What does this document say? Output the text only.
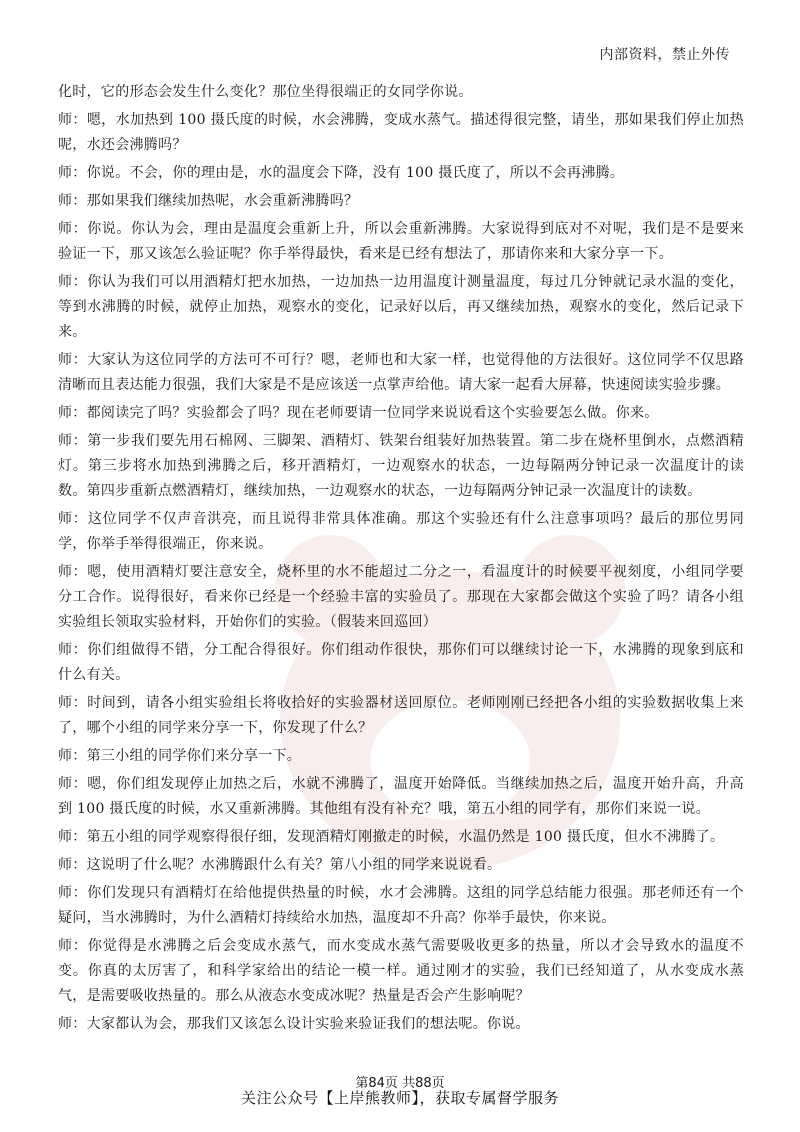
内部资料，禁止外传

化时，它的形态会发生什么变化？那位坐得很端正的女同学你说。

师：嗯，水加热到 100 摄氏度的时候，水会沸腾，变成水蒸气。描述得很完整，请坐，那如果我们停止加热呢，水还会沸腾吗？

师：你说。不会，你的理由是，水的温度会下降，没有 100 摄氏度了，所以不会再沸腾。

师：那如果我们继续加热呢，水会重新沸腾吗？

师：你说。你认为会，理由是温度会重新上升，所以会重新沸腾。大家说得到底对不对呢，我们是不是要来验证一下，那又该怎么验证呢？你手举得最快，看来是已经有想法了，那请你来和大家分享一下。

师：你认为我们可以用酒精灯把水加热，一边加热一边用温度计测量温度，每过几分钟就记录水温的变化，等到水沸腾的时候，就停止加热，观察水的变化，记录好以后，再又继续加热，观察水的变化，然后记录下来。

师：大家认为这位同学的方法可不可行？嗯，老师也和大家一样，也觉得他的方法很好。这位同学不仅思路清晰而且表达能力很强，我们大家是不是应该送一点掌声给他。请大家一起看大屏幕，快速阅读实验步骤。

师：都阅读完了吗？实验都会了吗？现在老师要请一位同学来说说看这个实验要怎么做。你来。

师：第一步我们要先用石棉网、三脚架、酒精灯、铁架台组装好加热装置。第二步在烧杯里倒水，点燃酒精灯。第三步将水加热到沸腾之后，移开酒精灯，一边观察水的状态，一边每隔两分钟记录一次温度计的读数。第四步重新点燃酒精灯，继续加热，一边观察水的状态，一边每隔两分钟记录一次温度计的读数。

师：这位同学不仅声音洪亮，而且说得非常具体准确。那这个实验还有什么注意事项吗？最后的那位男同学，你举手举得很端正，你来说。

师：嗯，使用酒精灯要注意安全，烧杯里的水不能超过二分之一，看温度计的时候要平视刻度，小组同学要分工合作。说得很好，看来你已经是一个经验丰富的实验员了。那现在大家都会做这个实验了吗？请各小组实验组长领取实验材料，开始你们的实验。（假装来回巡回）

师：你们组做得不错，分工配合得很好。你们组动作很快，那你们可以继续讨论一下，水沸腾的现象到底和什么有关。

师：时间到，请各小组实验组长将收拾好的实验器材送回原位。老师刚刚已经把各小组的实验数据收集上来了，哪个小组的同学来分享一下，你发现了什么？

师：第三小组的同学你们来分享一下。

师：嗯，你们组发现停止加热之后，水就不沸腾了，温度开始降低。当继续加热之后，温度开始升高，升高到 100 摄氏度的时候，水又重新沸腾。其他组有没有补充？哦，第五小组的同学有，那你们来说一说。

师：第五小组的同学观察得很仔细，发现酒精灯刚撤走的时候，水温仍然是 100 摄氏度，但水不沸腾了。

师：这说明了什么呢？水沸腾跟什么有关？第八小组的同学来说说看。

师：你们发现只有酒精灯在给他提供热量的时候，水才会沸腾。这组的同学总结能力很强。那老师还有一个疑问，当水沸腾时，为什么酒精灯持续给水加热，温度却不升高？你举手最快，你来说。

师：你觉得是水沸腾之后会变成水蒸气，而水变成水蒸气需要吸收更多的热量，所以才会导致水的温度不变。你真的太厉害了，和科学家给出的结论一模一样。通过刚才的实验，我们已经知道了，从水变成水蒸气，是需要吸收热量的。那么从液态水变成冰呢？热量是否会产生影响呢？

师：大家都认为会，那我们又该怎么设计实验来验证我们的想法呢。你说。

第84页 共88页
关注公众号【上岸熊教师】，获取专属督学服务
